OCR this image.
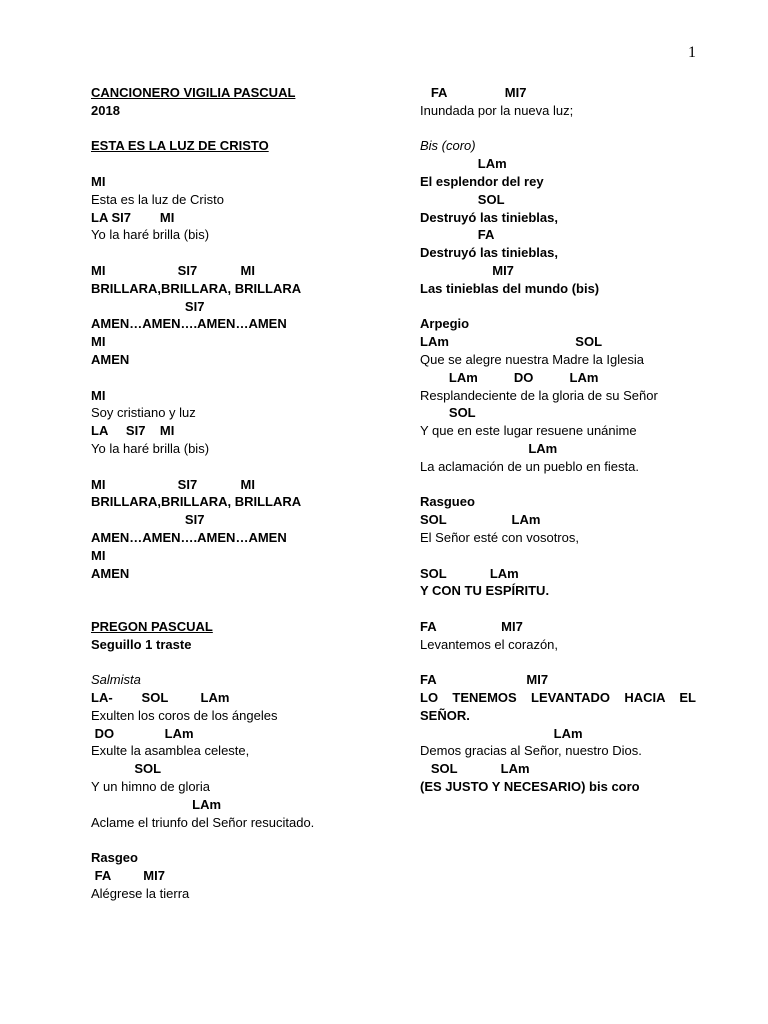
1
CANCIONERO VIGILIA PASCUAL
2018
ESTA ES LA LUZ DE CRISTO
MI
Esta es la luz de Cristo
LA SI7        MI
Yo la haré brilla (bis)
MI                    SI7            MI
BRILLARA,BRILLARA, BRILLARA
SI7
AMEN…AMEN….AMEN…AMEN
MI
AMEN
MI
Soy cristiano y luz
LA     SI7    MI
Yo la haré brilla (bis)
MI                    SI7            MI
BRILLARA,BRILLARA, BRILLARA
SI7
AMEN…AMEN….AMEN…AMEN
MI
AMEN
PREGON PASCUAL
Seguillo 1 traste
Salmista
LA-        SOL         LAm
Exulten los coros de los ángeles
DO              LAm
Exulte la asamblea celeste,
SOL
Y un himno de gloria
LAm
Aclame el triunfo del Señor resucitado.
Rasgeo
FA         MI7
Alégrese la tierra
FA                MI7
Inundada por la nueva luz;
Bis (coro)
LAm
El esplendor del rey
SOL
Destruyó las tinieblas,
FA
Destruyó las tinieblas,
MI7
Las tinieblas del mundo (bis)
Arpegio
LAm                                   SOL
Que se alegre nuestra Madre la Iglesia
LAm          DO          LAm
Resplandeciente de la gloria de su Señor
SOL
Y que en este lugar resuene unánime
LAm
La aclamación de un pueblo en fiesta.
Rasgueo
SOL                  LAm
El Señor esté con vosotros,
SOL            LAm
Y CON TU ESPÍRITU.
FA                  MI7
Levantemos el corazón,
FA                         MI7
LO TENEMOS LEVANTADO HACIA EL
SEÑOR.
LAm
Demos gracias al Señor, nuestro Dios.
SOL            LAm
(ES JUSTO Y NECESARIO) bis coro
